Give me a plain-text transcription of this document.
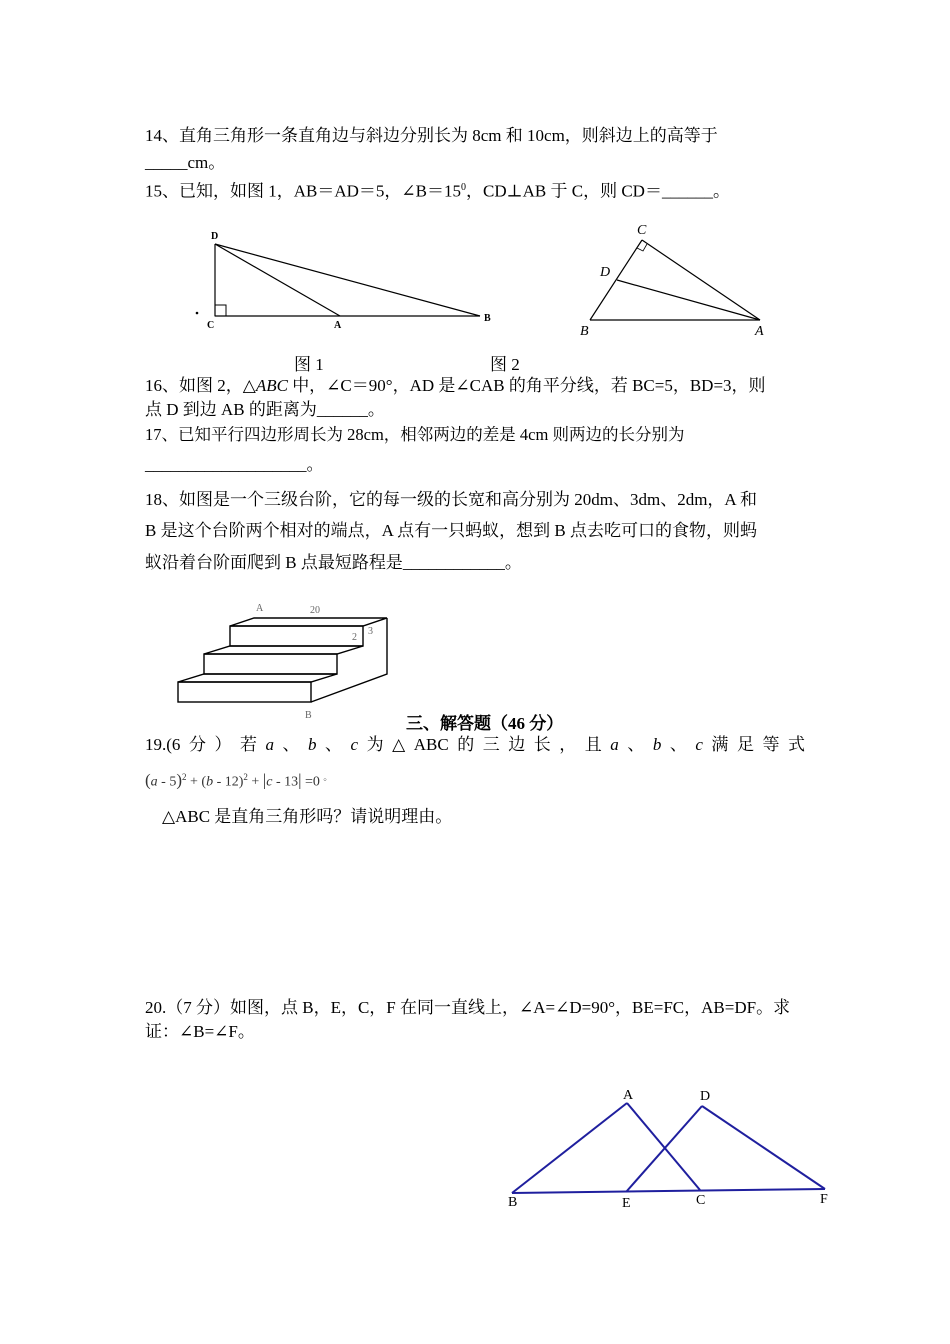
14、直角三角形一条直角边与斜边分别长为 8cm 和 10cm，则斜边上的高等于
_____cm。
15、已知，如图 1，AB＝AD＝5，$\angle B=15^0$，CD⊥AB 于 C，则 CD＝______。
D
C	A
B
C
D
B	A
图 1	图 2
16、如图 2，△ABC 中，∠C＝90°，AD 是∠CAB 的角平分线，若 BC=5，BD=3，则
点 D 到边 AB 的距离为______。
17、已知平行四边形周长为 28cm，相邻两边的差是 4cm 则两边的长分别为
___________________。
18、如图是一个三级台阶，它的每一级的长宽和高分别为 20dm、3dm、2dm，A 和
B 是这个台阶两个相对的端点，A 点有一只蚂蚁，想到 B 点去吃可口的食物，则蚂
蚁沿着台阶面爬到 B 点最短路程是____________。
A	20
2
3
B	三、解答题（46 分）
19.(6 分 ） 若 a 、 b 、 c 为 △ ABC 的 三 边 长 ， 且 a 、 b 、 c 满 足 等 式
(a - 5)$^2$ + (b - 12)$^2$ + |c - 13| =0 。
△ABC 是直角三角形吗？请说明理由。
20.（7 分）如图，点 B，E，C，F 在同一直线上，∠A=∠D=90°，BE=FC，AB=DF。求
证：∠B=∠F。
A	D
B	E	C	F
